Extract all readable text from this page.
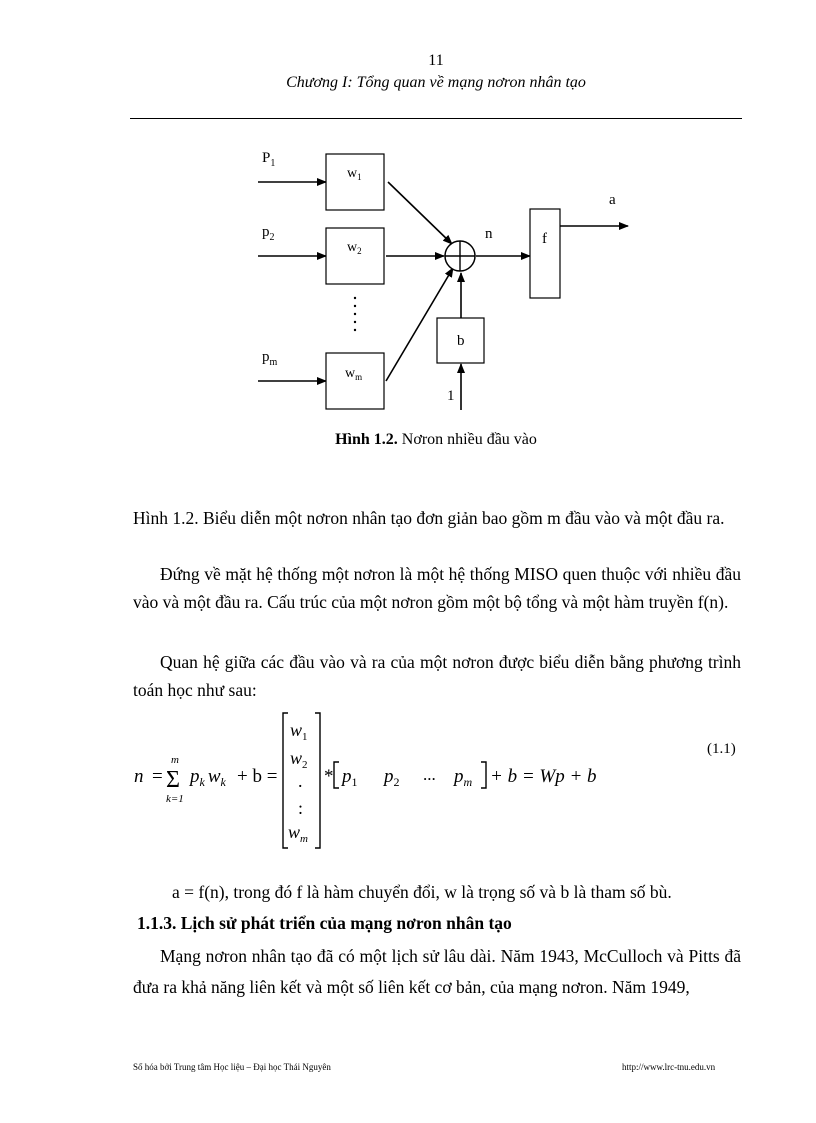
11
Chương I: Tổng quan về mạng nơron nhân tạo
$P_1$
$p_2$
$p_m$
$w_1$
$w_2$
$w_m$
b
1
n	f
a
Hình 1.2. Nơron nhiều đầu vào
Hình 1.2. Biểu diễn một nơron nhân tạo đơn giản bao gồm m đầu vào và một đầu ra.
Đứng về mặt hệ thống một nơron là một hệ thống MISO quen thuộc với nhiều đầu vào và một đầu ra. Cấu trúc của một nơron gồm một bộ tổng và một hàm truyền f(n).
Quan hệ giữa các đầu vào và ra của một nơron được biểu diễn bằng phương trình toán học như sau:
n =
m
Σ
k=1
$p_k$ $w_k + b$ =
$w_1$
$w_2$
.
:
$w_m$
* $p_1$ $p_2$ ... $p_m + b = Wp + b$
(1.1)
a = f(n), trong đó f là hàm chuyển đổi, w là trọng số và b là tham số bù.
1.1.3. Lịch sử phát triển của mạng nơron nhân tạo
Mạng nơron nhân tạo đã có một lịch sử lâu dài. Năm 1943, McCulloch và Pitts đã đưa ra khả năng liên kết và một số liên kết cơ bản, của mạng nơron. Năm 1949,
Số hóa bởi Trung tâm Học liệu – Đại học Thái Nguyên	http://www.lrc-tnu.edu.vn
